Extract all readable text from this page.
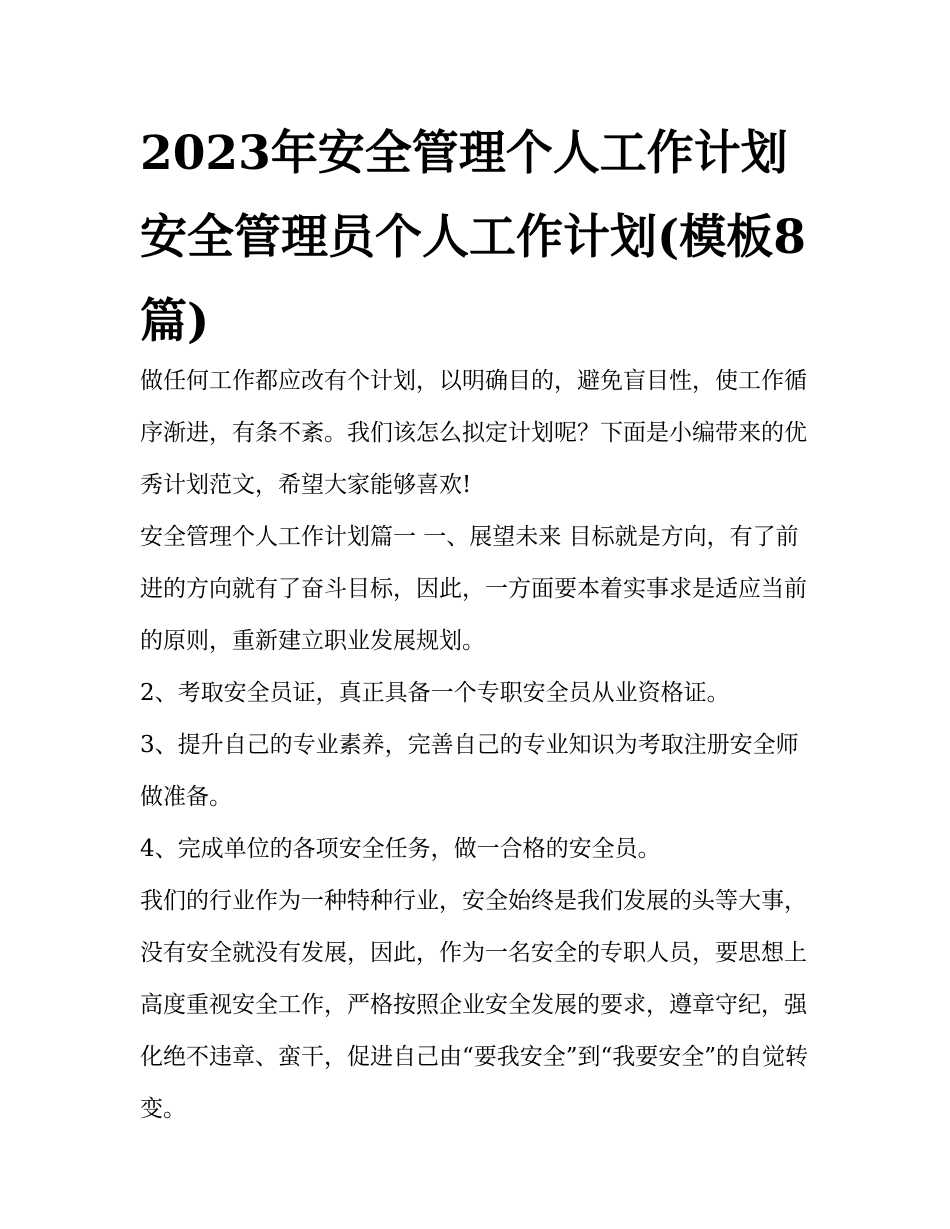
2023年安全管理个人工作计划 安全管理员个人工作计划(模板8篇)

做任何工作都应改有个计划，以明确目的，避免盲目性，使工作循序渐进，有条不紊。我们该怎么拟定计划呢？下面是小编带来的优秀计划范文，希望大家能够喜欢!

安全管理个人工作计划篇一 一、展望未来 目标就是方向，有了前进的方向就有了奋斗目标，因此，一方面要本着实事求是适应当前的原则，重新建立职业发展规划。

2、考取安全员证，真正具备一个专职安全员从业资格证。

3、提升自己的专业素养，完善自己的专业知识为考取注册安全师做准备。

4、完成单位的各项安全任务，做一合格的安全员。

我们的行业作为一种特种行业，安全始终是我们发展的头等大事，没有安全就没有发展，因此，作为一名安全的专职人员，要思想上高度重视安全工作，严格按照企业安全发展的要求，遵章守纪，强化绝不违章、蛮干，促进自己由“要我安全”到“我要安全”的自觉转变。
